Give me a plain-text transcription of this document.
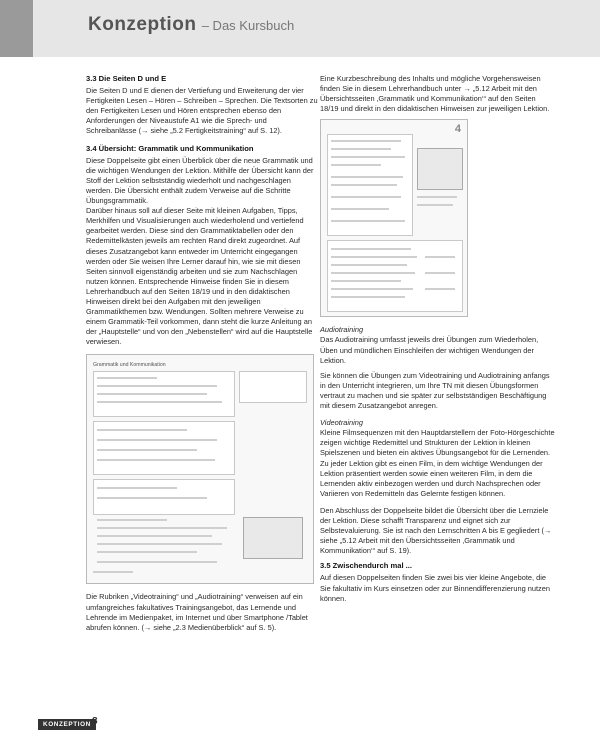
Konzeption – Das Kursbuch
3.3 Die Seiten D und E

Die Seiten D und E dienen der Vertiefung und Erweiterung der vier Fertigkeiten Lesen – Hören – Schreiben – Sprechen. Die Textsorten zu den Fertigkeiten Lesen und Hören entsprechen ebenso den Anforderungen der Niveaustufe A1 wie die Sprech- und Schreibanlässe (→ siehe „5.2 Fertigkeitstraining“ auf S. 12).

3.4 Übersicht: Grammatik und Kommunikation

Diese Doppelseite gibt einen Überblick über die neue Grammatik und die wichtigen Wendungen der Lektion. Mithilfe der Übersicht kann der Stoff der Lektion selbstständig wiederholt und nachgeschlagen werden. Die Übersicht enthält zudem Verweise auf die Schritte Übungsgrammatik.

Darüber hinaus soll auf dieser Seite mit kleinen Aufgaben, Tipps, Merkhilfen und Visualisierungen auch wiederholend und vertiefend gearbeitet werden. Diese sind den Grammatiktabellen oder den Redemittelkästen jeweils am rechten Rand direkt zugeordnet. Auf dieses Zusatzangebot kann entweder im Unterricht eingegangen werden oder Sie weisen Ihre Lerner darauf hin, wie sie mit diesen Seiten sinnvoll eigenständig arbeiten und sie zum Nachschlagen nutzen können. Entsprechende Hinweise finden Sie in diesem Lehrerhandbuch auf den Seiten 18/19 und in den didaktischen Hinweisen direkt bei den Aufgaben mit den jeweiligen Grammatikthemen bzw. Wendungen. Sollten mehrere Verweise zu einem Grammatik-Teil vorkommen, dann steht die kurze Anleitung an der „Hauptstelle“ und von den „Nebenstellen“ wird auf die Hauptstelle verwiesen.

Grammatik und Kommunikation

Die Rubriken „Videotraining“ und „Audiotraining“ verweisen auf ein umfangreiches fakultatives Trainingsangebot, das Lernende und Lehrende im Medienpaket, im Internet und über Smartphone /Tablet abrufen können. (→ siehe „2.3 Medienüberblick“ auf S. 5).

Eine Kurzbeschreibung des Inhalts und mögliche Vorgehensweisen finden Sie in diesem Lehrerhandbuch unter → „5.12 Arbeit mit den Übersichtsseiten ‚Grammatik und Kommunikation‘“ auf den Seiten 18/19 und direkt in den didaktischen Hinweisen zur jeweiligen Lektion.

4

Audiotraining

Das Audiotraining umfasst jeweils drei Übungen zum Wiederholen, Üben und mündlichen Einschleifen der wichtigen Wendungen der Lektion.

Sie können die Übungen zum Videotraining und Audiotraining anfangs in den Unterricht integrieren, um Ihre TN mit diesen Übungsformen vertraut zu machen und sie später zur selbstständigen Beschäftigung mit diesem Zusatzangebot anregen.

Videotraining

Kleine Filmsequenzen mit den Hauptdarstellern der Foto-Hörgeschichte zeigen wichtige Redemittel und Strukturen der Lektion in kleinen Spielszenen und bieten ein aktives Übungsangebot für die Lernenden. Zu jeder Lektion gibt es einen Film, in dem wichtige Wendungen der Lektion präsentiert werden sowie einen weiteren Film, in dem die Lernenden aktiv einbezogen werden und durch Nachsprechen oder Variieren von Redemitteln das Gelernte festigen können.

Den Abschluss der Doppelseite bildet die Übersicht über die Lernziele der Lektion. Diese schafft Transparenz und eignet sich zur Selbstevaluierung. Sie ist nach den Lernschritten A bis E gegliedert (→ siehe „5.12 Arbeit mit den Übersichtsseiten ‚Grammatik und Kommunikation‘“ auf S. 19).

3.5 Zwischendurch mal ...

Auf diesen Doppelseiten finden Sie zwei bis vier kleine Angebote, die Sie fakultativ im Kurs einsetzen oder zur Binnendifferenzierung nutzen können.

KONZEPTION 8
